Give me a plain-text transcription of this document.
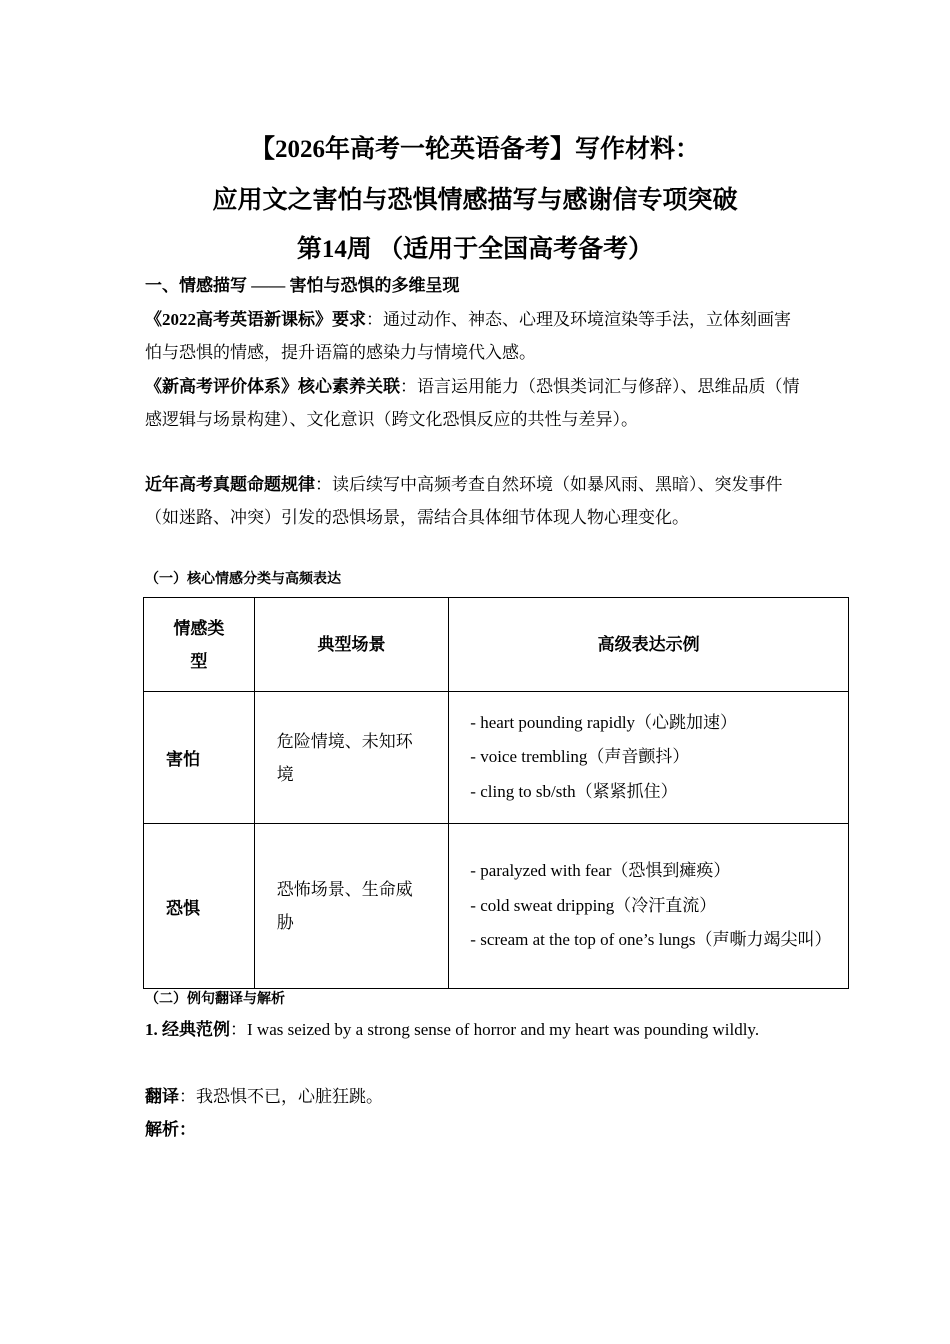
【2026年高考一轮英语备考】写作材料：
应用文之害怕与恐惧情感描写与感谢信专项突破
第14周 （适用于全国高考备考）
一、情感描写 —— 害怕与恐惧的多维呈现
《2022高考英语新课标》要求：通过动作、神态、心理及环境渲染等手法，立体刻画害怕与恐惧的情感，提升语篇的感染力与情境代入感。
《新高考评价体系》核心素养关联：语言运用能力（恐惧类词汇与修辞）、思维品质（情感逻辑与场景构建）、文化意识（跨文化恐惧反应的共性与差异）。
近年高考真题命题规律：读后续写中高频考查自然环境（如暴风雨、黑暗）、突发事件（如迷路、冲突）引发的恐惧场景，需结合具体细节体现人物心理变化。
（一）核心情感分类与高频表达
情感类型	典型场景	高级表达示例
害怕	危险情境、未知环境	- heart pounding rapidly（心跳加速）
- voice trembling（声音颤抖）
- cling to sb/sth（紧紧抓住）

恐惧	恐怖场景、生命威胁	- paralyzed with fear（恐惧到瘫痪）
- cold sweat dripping（冷汗直流）
- scream at the top of one’s lungs（声嘶力竭尖叫）
（二）例句翻译与解析
1. 经典范例：I was seized by a strong sense of horror and my heart was pounding wildly.
翻译：我恐惧不已，心脏狂跳。
解析：
